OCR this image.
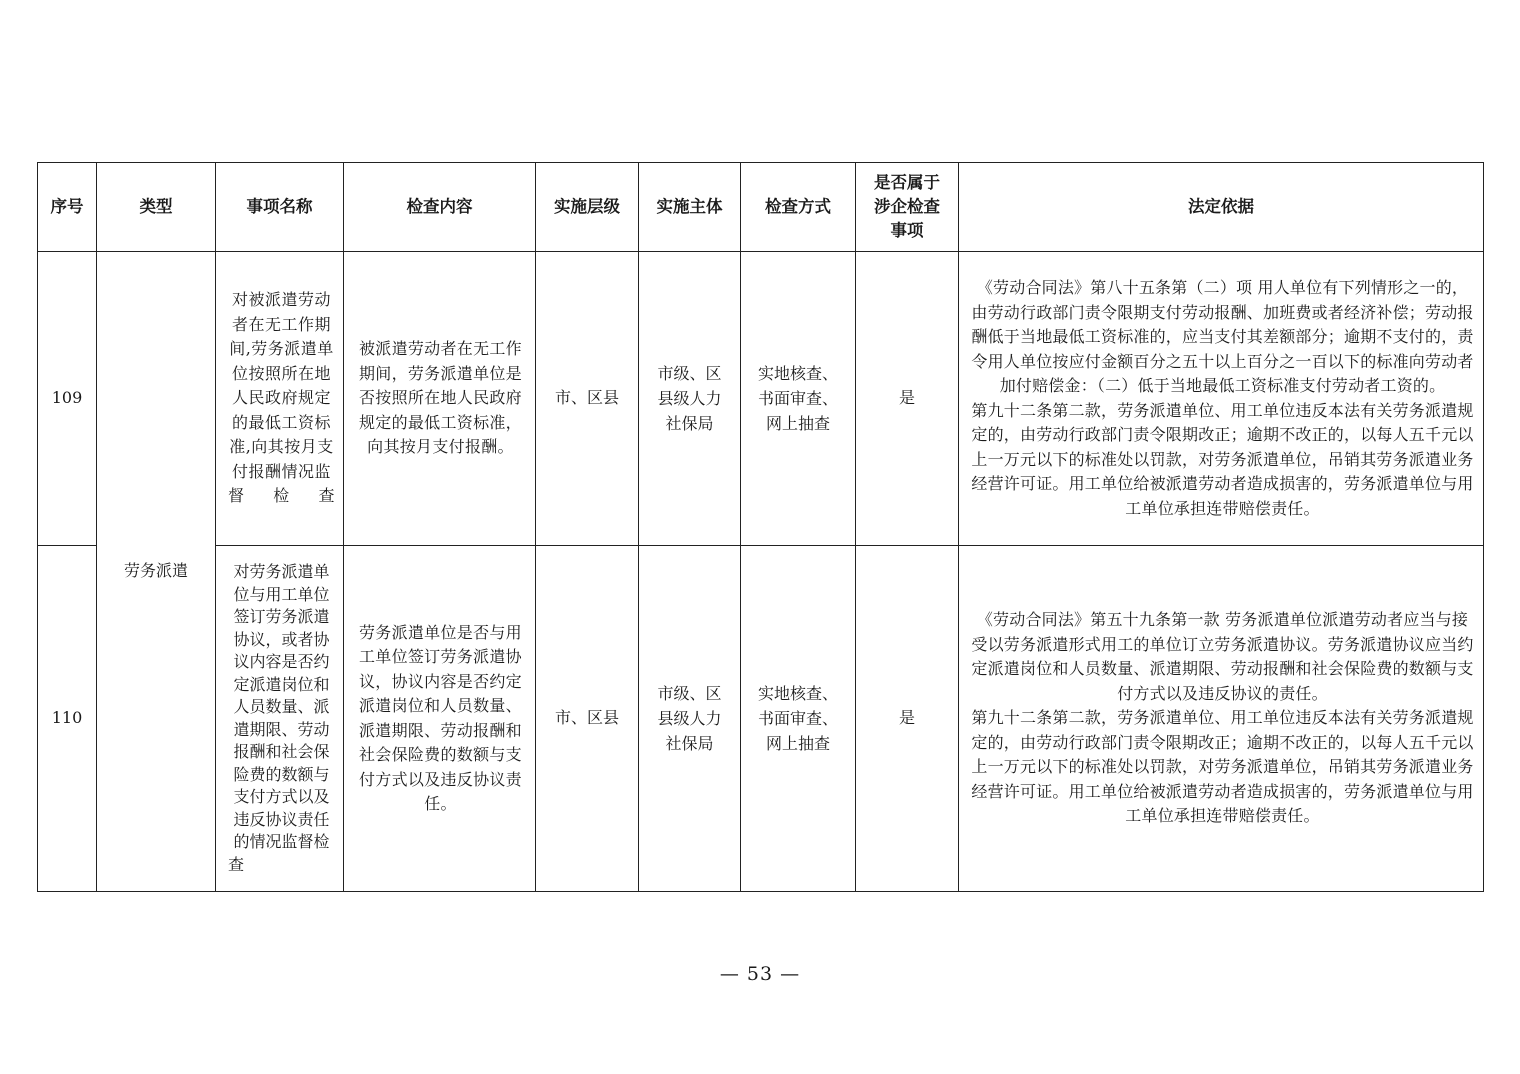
序号	类型	事项名称	检查内容	实施层级	实施主体	检查方式	是否属于涉企检查事项	法定依据
109	劳务派遣	对被派遣劳动者在无工作期间,劳务派遣单位按照所在地人民政府规定的最低工资标准,向其按月支付报酬情况监督检查	被派遣劳动者在无工作期间，劳务派遣单位是否按照所在地人民政府规定的最低工资标准，向其按月支付报酬。	市、区县	市级、区县级人力社保局	实地核查、书面审查、网上抽查	是	《劳动合同法》第八十五条第（二）项 用人单位有下列情形之一的，由劳动行政部门责令限期支付劳动报酬、加班费或者经济补偿；劳动报酬低于当地最低工资标准的，应当支付其差额部分；逾期不支付的，责令用人单位按应付金额百分之五十以上百分之一百以下的标准向劳动者加付赔偿金：（二）低于当地最低工资标准支付劳动者工资的。
第九十二条第二款，劳务派遣单位、用工单位违反本法有关劳务派遣规定的，由劳动行政部门责令限期改正；逾期不改正的，以每人五千元以上一万元以下的标准处以罚款，对劳务派遣单位，吊销其劳务派遣业务经营许可证。用工单位给被派遣劳动者造成损害的，劳务派遣单位与用工单位承担连带赔偿责任。

110		对劳务派遣单位与用工单位签订劳务派遣协议，或者协议内容是否约定派遣岗位和人员数量、派遣期限、劳动报酬和社会保险费的数额与支付方式以及违反协议责任的情况监督检查	劳务派遣单位是否与用工单位签订劳务派遣协议，协议内容是否约定派遣岗位和人员数量、派遣期限、劳动报酬和社会保险费的数额与支付方式以及违反协议责任。	市、区县	市级、区县级人力社保局	实地核查、书面审查、网上抽查	是	《劳动合同法》第五十九条第一款 劳务派遣单位派遣劳动者应当与接受以劳务派遣形式用工的单位订立劳务派遣协议。劳务派遣协议应当约定派遣岗位和人员数量、派遣期限、劳动报酬和社会保险费的数额与支付方式以及违反协议的责任。
第九十二条第二款，劳务派遣单位、用工单位违反本法有关劳务派遣规定的，由劳动行政部门责令限期改正；逾期不改正的，以每人五千元以上一万元以下的标准处以罚款，对劳务派遣单位，吊销其劳务派遣业务经营许可证。用工单位给被派遣劳动者造成损害的，劳务派遣单位与用工单位承担连带赔偿责任。
— 53 —
